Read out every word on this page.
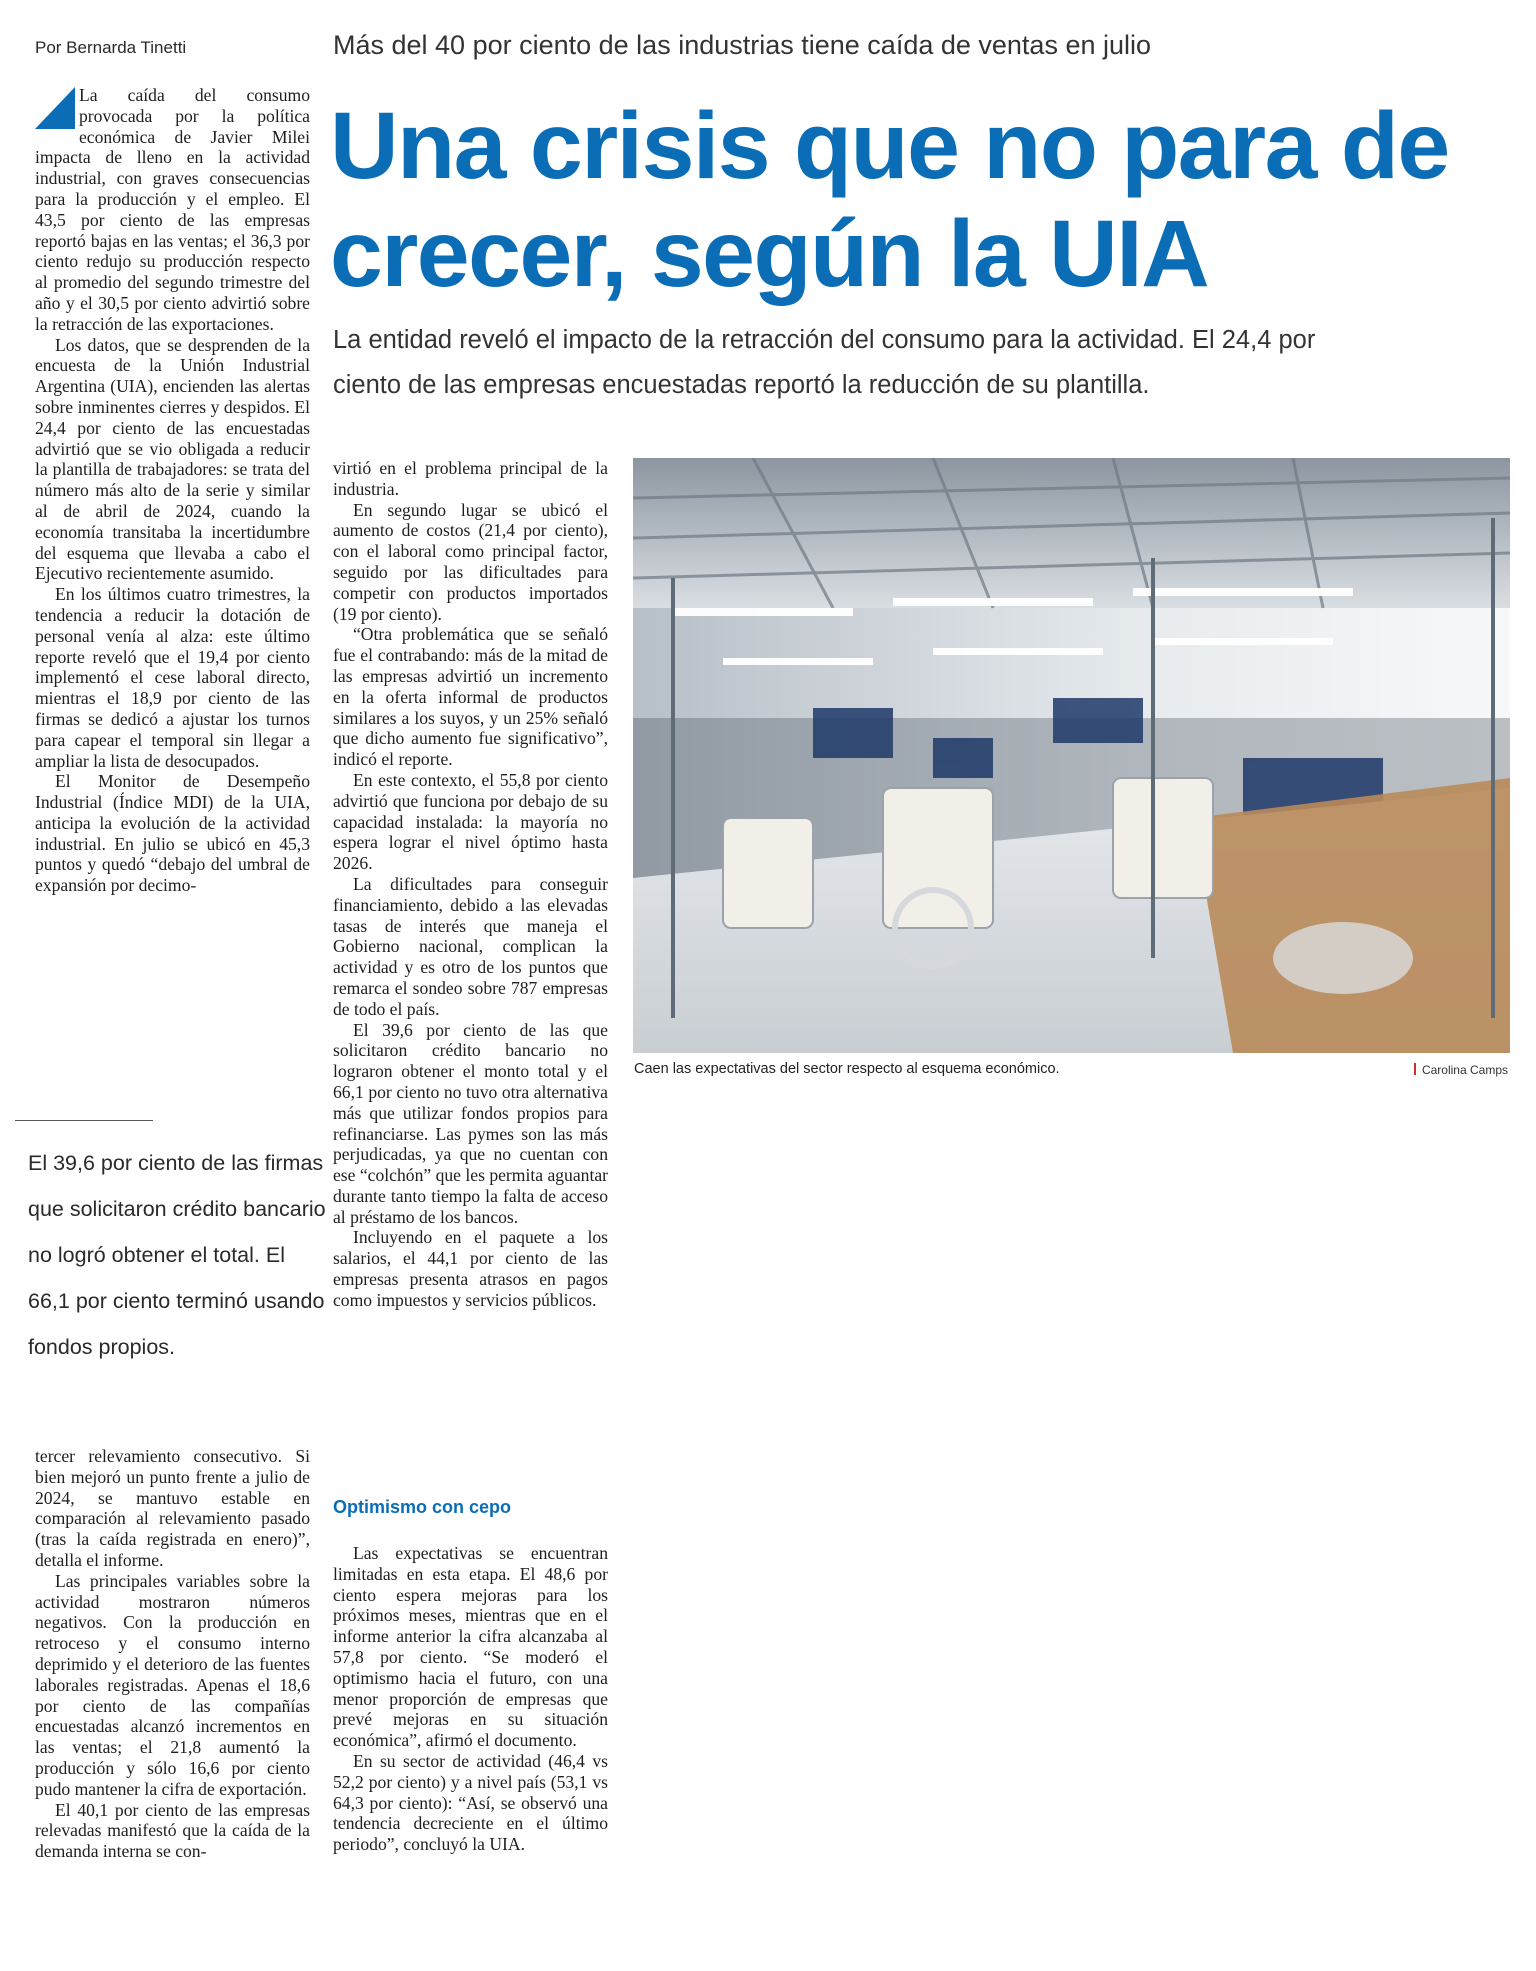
Por Bernarda Tinetti	Más del 40 por ciento de las industrias tiene caída de ventas en julio
Una crisis que no para de crecer, según la UIA

La entidad reveló el impacto de la retracción del consumo para la actividad. El 24,4 por ciento de las empresas encuestadas reportó la reducción de su plantilla.

La caída del consumo provocada por la política económica de Javier Milei impacta de lleno en la actividad industrial, con graves consecuencias para la producción y el empleo. El 43,5 por ciento de las empresas reportó bajas en las ventas; el 36,3 por ciento redujo su producción respecto al promedio del segundo trimestre del año y el 30,5 por ciento advirtió sobre la retracción de las exportaciones.

Los datos, que se desprenden de la encuesta de la Unión Industrial Argentina (UIA), encienden las alertas sobre inminentes cierres y despidos. El 24,4 por ciento de las encuestadas advirtió que se vio obligada a reducir la plantilla de trabajadores: se trata del número más alto de la serie y similar al de abril de 2024, cuando la economía transitaba la incertidumbre del esquema que llevaba a cabo el Ejecutivo recientemente asumido.

En los últimos cuatro trimestres, la tendencia a reducir la dotación de personal venía al alza: este último reporte reveló que el 19,4 por ciento implementó el cese laboral directo, mientras el 18,9 por ciento de las firmas se dedicó a ajustar los turnos para capear el temporal sin llegar a ampliar la lista de desocupados.

El Monitor de Desempeño Industrial (Índice MDI) de la UIA, anticipa la evolución de la actividad industrial. En julio se ubicó en 45,3 puntos y quedó “debajo del umbral de expansión por decimo-

El 39,6 por ciento de las firmas que solicitaron crédito bancario no logró obtener el total. El 66,1 por ciento terminó usando fondos propios.

tercer relevamiento consecutivo. Si bien mejoró un punto frente a julio de 2024, se mantuvo estable en comparación al relevamiento pasado (tras la caída registrada en enero)”, detalla el informe.

Las principales variables sobre la actividad mostraron números negativos. Con la producción en retroceso y el consumo interno deprimido y el deterioro de las fuentes laborales registradas. Apenas el 18,6 por ciento de las compañías encuestadas alcanzó incrementos en las ventas; el 21,8 aumentó la producción y sólo 16,6 por ciento pudo mantener la cifra de exportación.

El 40,1 por ciento de las empresas relevadas manifestó que la caída de la demanda interna se con-

virtió en el problema principal de la industria.

En segundo lugar se ubicó el aumento de costos (21,4 por ciento), con el laboral como principal factor, seguido por las dificultades para competir con productos importados (19 por ciento).

“Otra problemática que se señaló fue el contrabando: más de la mitad de las empresas advirtió un incremento en la oferta informal de productos similares a los suyos, y un 25% señaló que dicho aumento fue significativo”, indicó el reporte.

En este contexto, el 55,8 por ciento advirtió que funciona por debajo de su capacidad instalada: la mayoría no espera lograr el nivel óptimo hasta 2026.

La dificultades para conseguir financiamiento, debido a las elevadas tasas de interés que maneja el Gobierno nacional, complican la actividad y es otro de los puntos que remarca el sondeo sobre 787 empresas de todo el país.

El 39,6 por ciento de las que solicitaron crédito bancario no lograron obtener el monto total y el 66,1 por ciento no tuvo otra alternativa más que utilizar fondos propios para refinanciarse. Las pymes son las más perjudicadas, ya que no cuentan con ese “colchón” que les permita aguantar durante tanto tiempo la falta de acceso al préstamo de los bancos.

Incluyendo en el paquete a los salarios, el 44,1 por ciento de las empresas presenta atrasos en pagos como impuestos y servicios públicos.

Optimismo con cepo

Las expectativas se encuentran limitadas en esta etapa. El 48,6 por ciento espera mejoras para los próximos meses, mientras que en el informe anterior la cifra alcanzaba al 57,8 por ciento. “Se moderó el optimismo hacia el futuro, con una menor proporción de empresas que prevé mejoras en su situación económica”, afirmó el documento.

En su sector de actividad (46,4 vs 52,2 por ciento) y a nivel país (53,1 vs 64,3 por ciento): “Así, se observó una tendencia decreciente en el último periodo”, concluyó la UIA.

Caen las expectativas del sector respecto al esquema económico.	Carolina Camps
